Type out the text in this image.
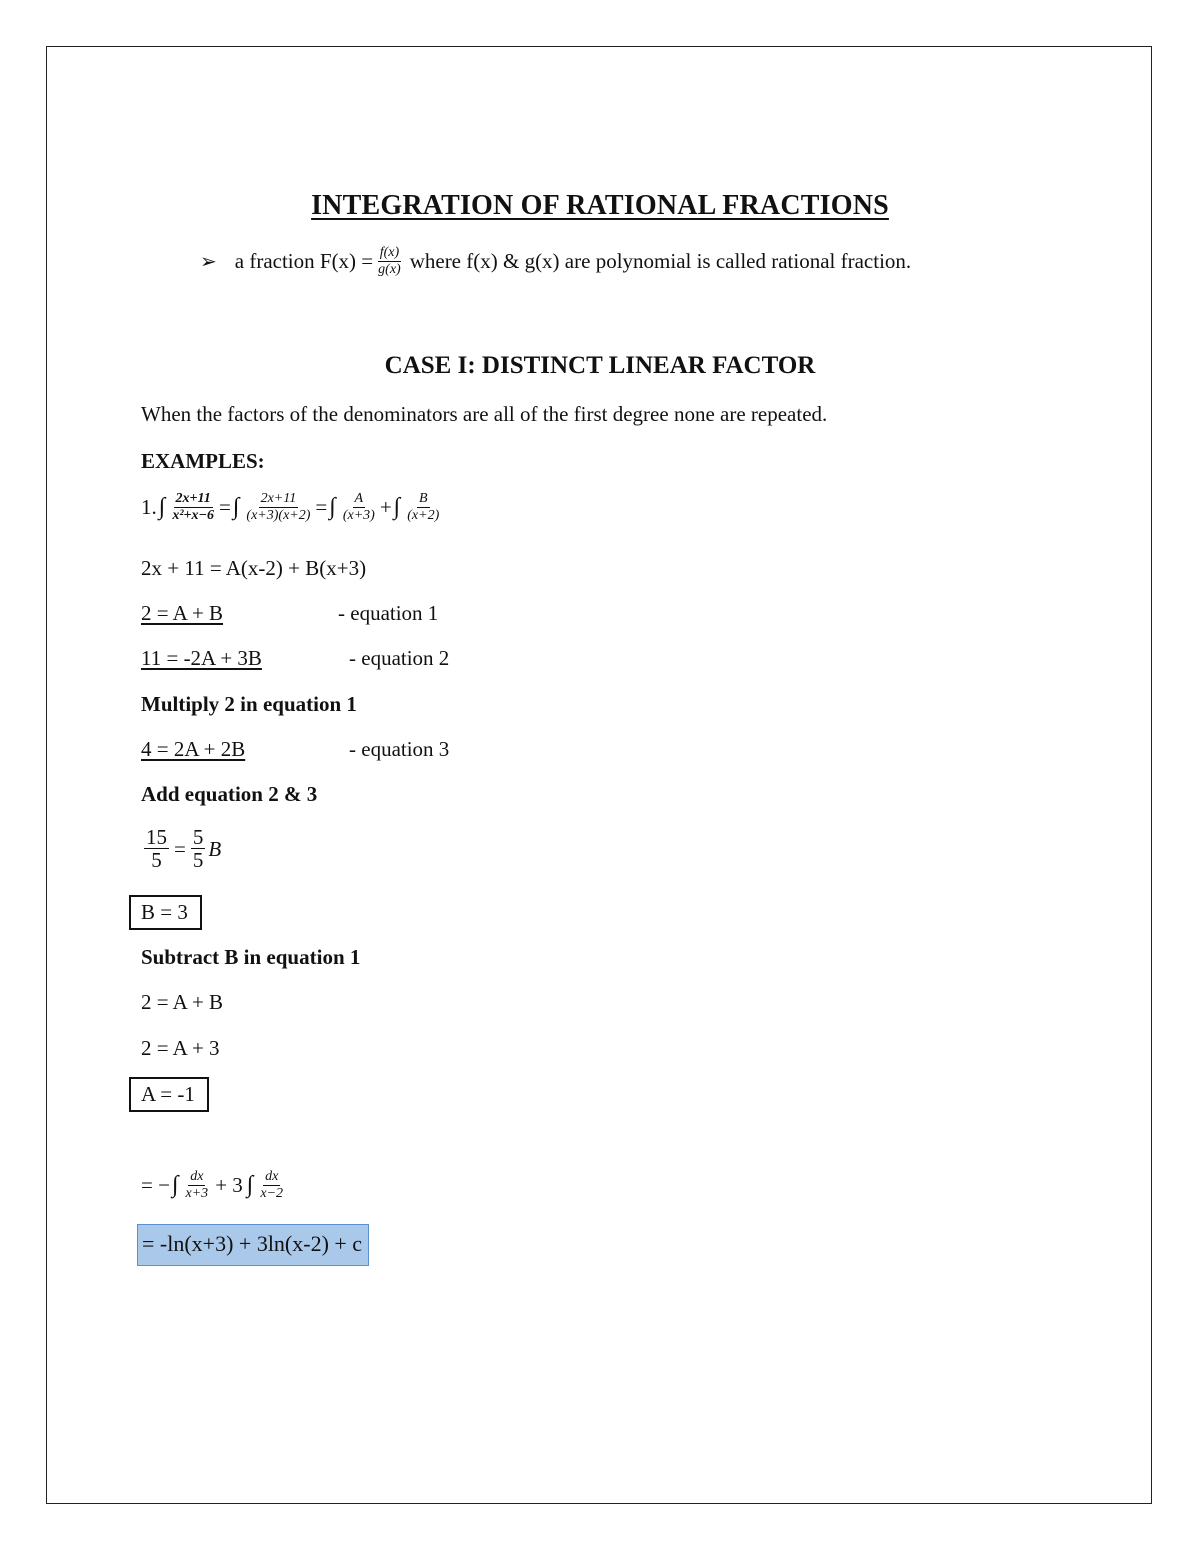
INTEGRATION OF RATIONAL FRACTIONS
➢ a fraction $F(x) = \frac{f(x)}{g(x)}$ where f(x) & g(x) are polynomial is called rational fraction.
CASE I: DISTINCT LINEAR FACTOR
When the factors of the denominators are all of the first degree none are repeated.
EXAMPLES:
1. ∫ $\frac{2x+11}{\text{x²+x−6}}$ = ∫ $\frac{2x+11}{(x+3)(x+2)}$ = ∫ $\frac{A}{(x+3)}$ + ∫ $\frac{B}{(x+2)}$
2x + 11 = A(x-2) + B(x+3)
2 = A + B	- equation 1
11 = -2A + 3B	- equation 2
Multiply 2 in equation 1
4 = 2A + 2B	- equation 3
Add equation 2 & 3
$\frac{15}{5} = \frac{5}{5}$ B
B = 3
Subtract B in equation 1
2 = A + B
2 = A + 3
A = -1
= − ∫ $\frac{dx}{x+3} + 3$ ∫ $\frac{dx}{x-2}$
= -ln(x+3) + 3ln(x-2) + c
